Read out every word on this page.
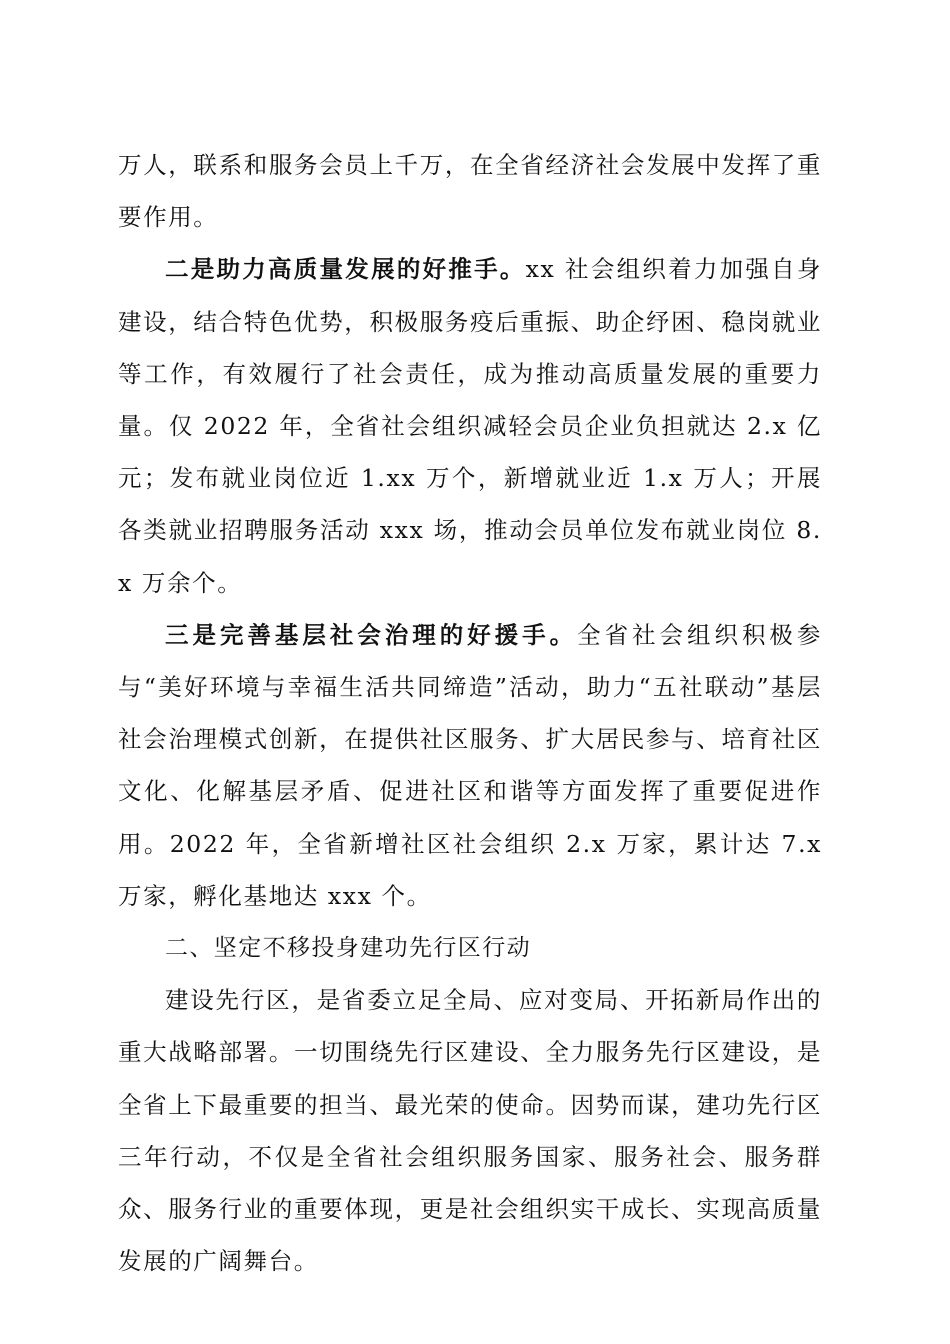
万人，联系和服务会员上千万，在全省经济社会发展中发挥了重要作用。

二是助力高质量发展的好推手。xx 社会组织着力加强自身建设，结合特色优势，积极服务疫后重振、助企纾困、稳岗就业等工作，有效履行了社会责任，成为推动高质量发展的重要力量。仅 2022 年，全省社会组织减轻会员企业负担就达 2.x 亿元；发布就业岗位近 1.xx 万个，新增就业近 1.x 万人；开展各类就业招聘服务活动 xxx 场，推动会员单位发布就业岗位 8.x 万余个。

三是完善基层社会治理的好援手。全省社会组织积极参与“美好环境与幸福生活共同缔造”活动，助力“五社联动”基层社会治理模式创新，在提供社区服务、扩大居民参与、培育社区文化、化解基层矛盾、促进社区和谐等方面发挥了重要促进作用。2022 年，全省新增社区社会组织 2.x 万家，累计达 7.x 万家，孵化基地达 xxx 个。

二、坚定不移投身建功先行区行动

建设先行区，是省委立足全局、应对变局、开拓新局作出的重大战略部署。一切围绕先行区建设、全力服务先行区建设，是全省上下最重要的担当、最光荣的使命。因势而谋，建功先行区三年行动，不仅是全省社会组织服务国家、服务社会、服务群众、服务行业的重要体现，更是社会组织实干成长、实现高质量发展的广阔舞台。
